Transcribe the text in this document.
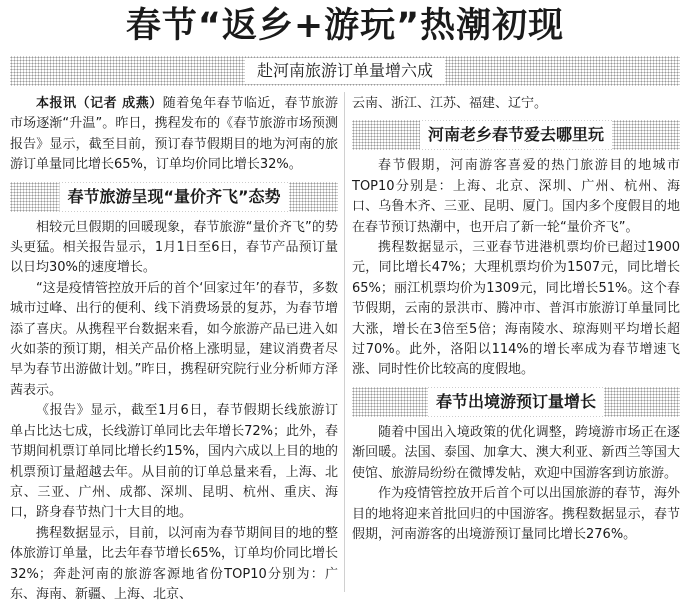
春节“返乡+游玩”热潮初现
赴河南旅游订单量增六成

本报讯（记者 成燕）随着兔年春节临近，春节旅游市场逐渐“升温”。昨日，携程发布的《春节旅游市场预测报告》显示，截至目前，预订春节假期目的地为河南的旅游订单量同比增长65%，订单均价同比增长32%。

春节旅游呈现“量价齐飞”态势

相较元旦假期的回暖现象，春节旅游“量价齐飞”的势头更猛。相关报告显示，1月1日至6日，春节产品预订量以日均30%的速度增长。

“这是疫情管控放开后的首个‘回家过年’的春节，多数城市过峰、出行的便利、线下消费场景的复苏，为春节增添了喜庆。从携程平台数据来看，如今旅游产品已进入如火如荼的预订期，相关产品价格上涨明显，建议消费者尽早为春节出游做计划。”昨日，携程研究院行业分析师方泽茜表示。

《报告》显示，截至1月6日，春节假期长线旅游订单占比达七成，长线游订单同比去年增长72%；此外，春节期间机票订单同比增长约15%，国内六成以上目的地的机票预订量超越去年。从目前的订单总量来看，上海、北京、三亚、广州、成都、深圳、昆明、杭州、重庆、海口，跻身春节热门十大目的地。

携程数据显示，目前，以河南为春节期间目的地的整体旅游订单量，比去年春节增长65%，订单均价同比增长32%；奔赴河南的旅游客源地省份TOP10分别为：广东、海南、新疆、上海、北京、

云南、浙江、江苏、福建、辽宁。

河南老乡春节爱去哪里玩

春节假期，河南游客喜爱的热门旅游目的地城市TOP10分别是：上海、北京、深圳、广州、杭州、海口、乌鲁木齐、三亚、昆明、厦门。国内多个度假目的地在春节预订热潮中，也开启了新一轮“量价齐飞”。

携程数据显示，三亚春节进港机票均价已超过1900元，同比增长47%；大理机票均价为1507元，同比增长65%；丽江机票均价为1309元，同比增长51%。这个春节假期，云南的景洪市、腾冲市、普洱市旅游订单量同比大涨，增长在3倍至5倍；海南陵水、琼海则平均增长超过70%。此外，洛阳以114%的增长率成为春节增速飞涨、同时性价比较高的度假地。

春节出境游预订量增长

随着中国出入境政策的优化调整，跨境游市场正在逐渐回暖。法国、泰国、加拿大、澳大利亚、新西兰等国大使馆、旅游局纷纷在微博发帖，欢迎中国游客到访旅游。

作为疫情管控放开后首个可以出国旅游的春节，海外目的地将迎来首批回归的中国游客。携程数据显示，春节假期，河南游客的出境游预订量同比增长276%。
